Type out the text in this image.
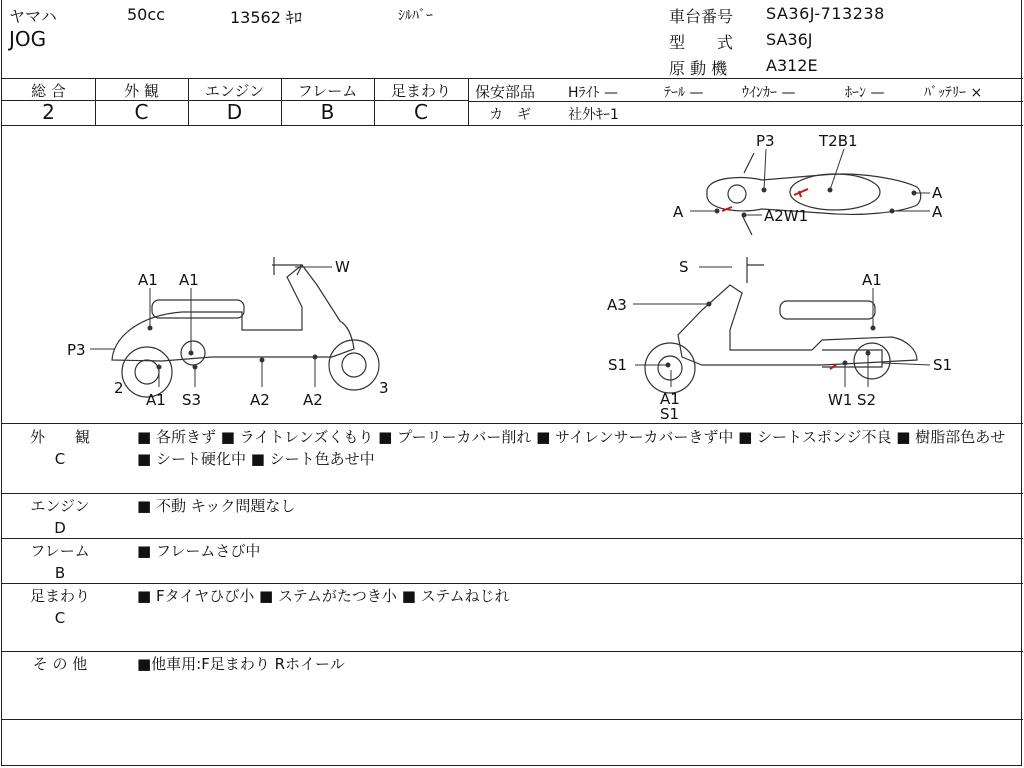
ヤマハ	50cc	13562 ｷﾛ	ｼﾙﾊﾞｰ
JOG
車台番号 SA36J-713238
型　　式 SA36J
原 動 機 A312E
総 合	外 観	エンジン	フレーム	足まわり
2	C	D	B	C
保安部品 Hﾗｲﾄ —	ﾃｰﾙ —	ｳｲﾝｶｰ —	ﾎｰﾝ —	ﾊﾞｯﾃﾘｰ ×
カ　ギ	社外ｷｰ1
W
A1 A1
P3
2
A1 S3	A2 A2
3
S
A1
A3
S1
A1
S1
W1 S2
S1
P3	T2B1
A
A
A	A2W1
外　　観
C
■ 各所きず ■ ライトレンズくもり ■ プーリーカバー削れ ■ サイレンサーカバーきず中 ■ シートスポンジ不良 ■ 樹脂部色あせ ■ シート硬化中 ■ シート色あせ中
エンジン
D
■ 不動 キック問題なし
フレーム
B
■ フレームさび中
足まわり
C
■ Fタイヤひび小 ■ ステムがたつき小 ■ ステムねじれ
そ の 他	■他車用:F足まわり Rホイール
